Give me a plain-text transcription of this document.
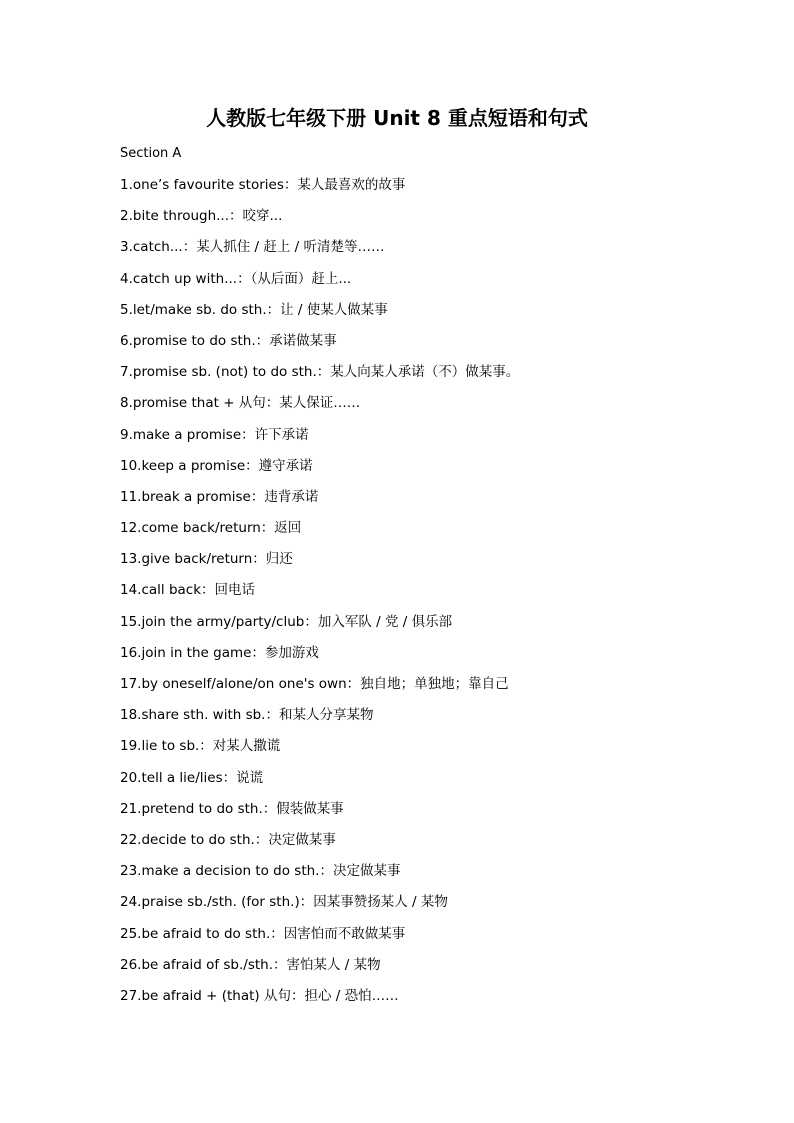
人教版七年级下册 Unit 8 重点短语和句式
Section A
1.one’s favourite stories：某人最喜欢的故事
2.bite through...：咬穿...
3.catch...：某人抓住 / 赶上 / 听清楚等……
4.catch up with...：（从后面）赶上...
5.let/make sb. do sth.：让 / 使某人做某事
6.promise to do sth.：承诺做某事
7.promise sb. (not) to do sth.：某人向某人承诺（不）做某事。
8.promise that + 从句：某人保证……
9.make a promise：许下承诺
10.keep a promise：遵守承诺
11.break a promise：违背承诺
12.come back/return：返回
13.give back/return：归还
14.call back：回电话
15.join the army/party/club：加入军队 / 党 / 俱乐部
16.join in the game：参加游戏
17.by oneself/alone/on one's own：独自地；单独地；靠自己
18.share sth. with sb.：和某人分享某物
19.lie to sb.：对某人撒谎
20.tell a lie/lies：说谎
21.pretend to do sth.：假装做某事
22.decide to do sth.：决定做某事
23.make a decision to do sth.：决定做某事
24.praise sb./sth. (for sth.)：因某事赞扬某人 / 某物
25.be afraid to do sth.：因害怕而不敢做某事
26.be afraid of sb./sth.：害怕某人 / 某物
27.be afraid + (that) 从句：担心 / 恐怕……
